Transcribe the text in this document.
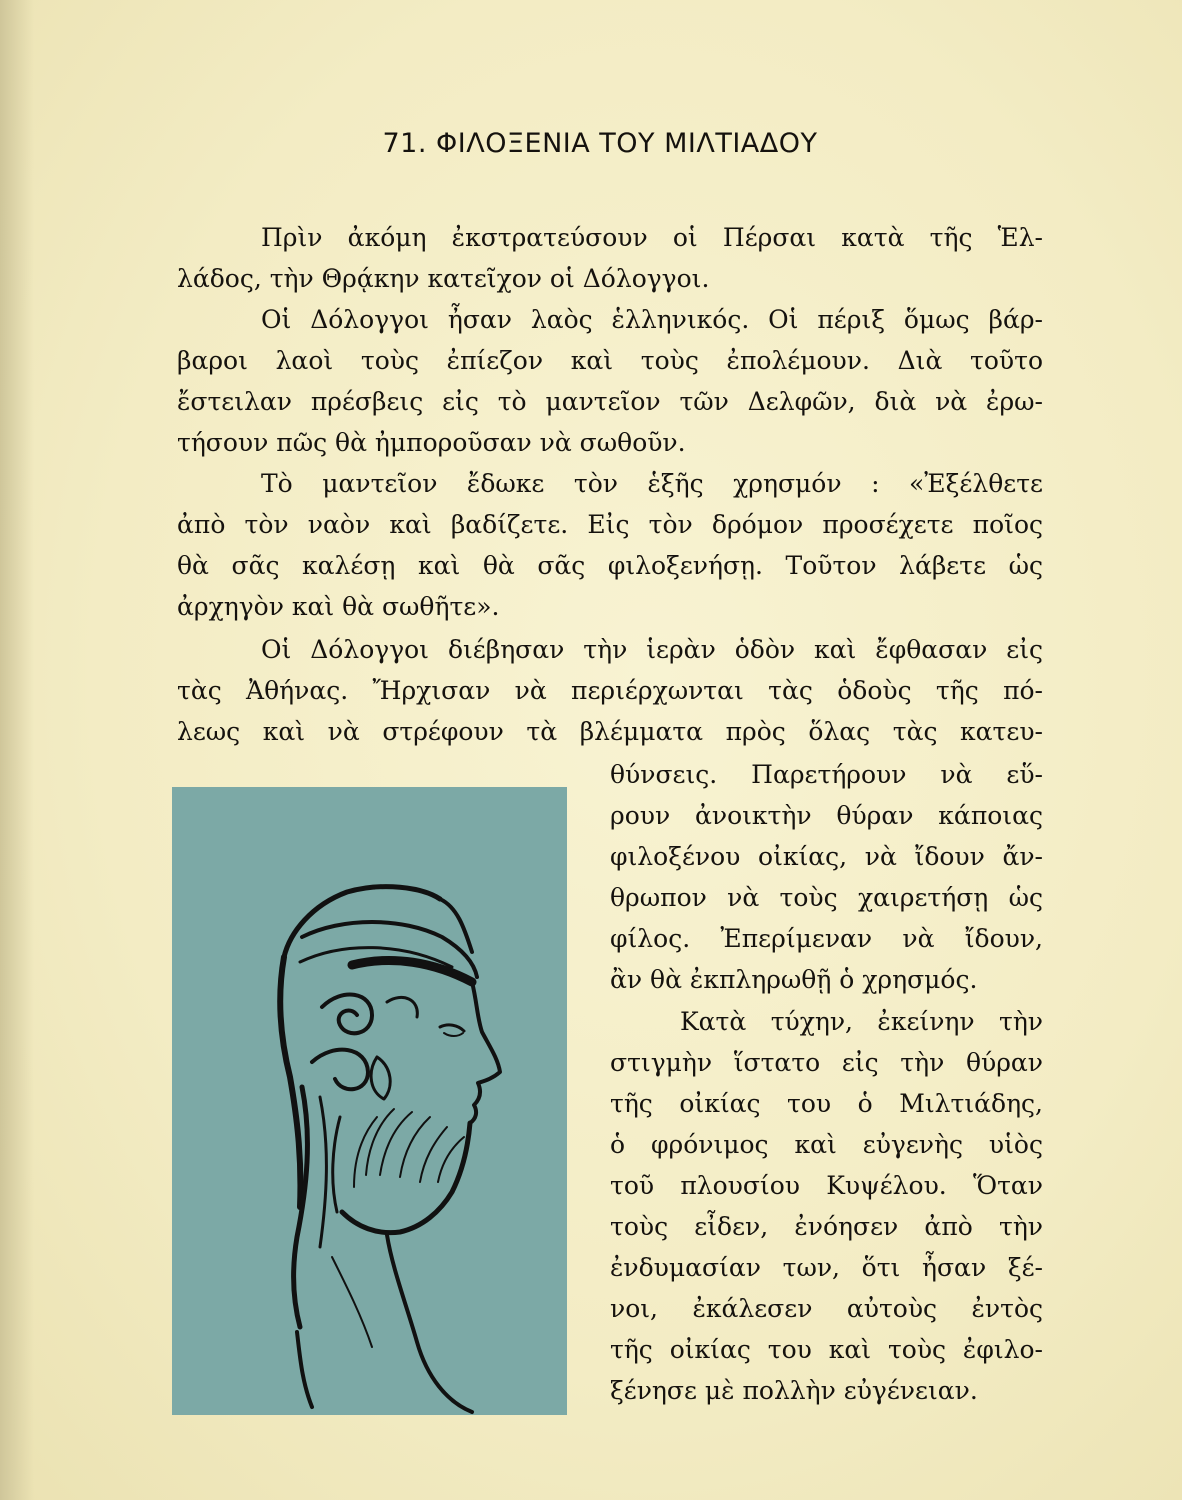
71. ΦΙΛΟΞΕΝΙΑ ΤΟΥ ΜΙΛΤΙΑΔΟΥ
Πρὶν ἀκόμη ἐκστρατεύσουν οἱ Πέρσαι κατὰ τῆς Ἑλ-
λάδος, τὴν Θρᾴκην κατεῖχον οἱ Δόλογγοι.
Οἱ Δόλογγοι ἦσαν λαὸς ἑλληνικός. Οἱ πέριξ ὅμως βάρ-
βαροι λαοὶ τοὺς ἐπίεζον καὶ τοὺς ἐπολέμουν. Διὰ τοῦτο
ἔστειλαν πρέσβεις εἰς τὸ μαντεῖον τῶν Δελφῶν, διὰ νὰ ἐρω-
τήσουν πῶς θὰ ἠμποροῦσαν νὰ σωθοῦν.
Τὸ μαντεῖον ἔδωκε τὸν ἑξῆς χρησμόν : «Ἐξέλθετε
ἀπὸ τὸν ναὸν καὶ βαδίζετε. Εἰς τὸν δρόμον προσέχετε ποῖος
θὰ σᾶς καλέσῃ καὶ θὰ σᾶς φιλοξενήσῃ. Τοῦτον λάβετε ὡς
ἀρχηγὸν καὶ θὰ σωθῆτε».
Οἱ Δόλογγοι διέβησαν τὴν ἱερὰν ὁδὸν καὶ ἔφθασαν εἰς
τὰς Ἀθήνας. Ἤρχισαν νὰ περιέρχωνται τὰς ὁδοὺς τῆς πό-
λεως καὶ νὰ στρέφουν τὰ βλέμματα πρὸς ὅλας τὰς κατευ-
θύνσεις. Παρετήρουν νὰ εὕ-
ρουν ἀνοικτὴν θύραν κάποιας
φιλοξένου οἰκίας, νὰ ἴδουν ἄν-
θρωπον νὰ τοὺς χαιρετήσῃ ὡς
φίλος. Ἐπερίμεναν νὰ ἴδουν,
ἂν θὰ ἐκπληρωθῇ ὁ χρησμός.
Κατὰ τύχην, ἐκείνην τὴν
στιγμὴν ἵστατο εἰς τὴν θύραν
τῆς οἰκίας του ὁ Μιλτιάδης,
ὁ φρόνιμος καὶ εὐγενὴς υἱὸς
τοῦ πλουσίου Κυψέλου. Ὅταν
τοὺς εἶδεν, ἐνόησεν ἀπὸ τὴν
ἐνδυμασίαν των, ὅτι ἦσαν ξέ-
νοι, ἐκάλεσεν αὐτοὺς ἐντὸς
τῆς οἰκίας του καὶ τοὺς ἐφιλο-
ξένησε μὲ πολλὴν εὐγένειαν.
